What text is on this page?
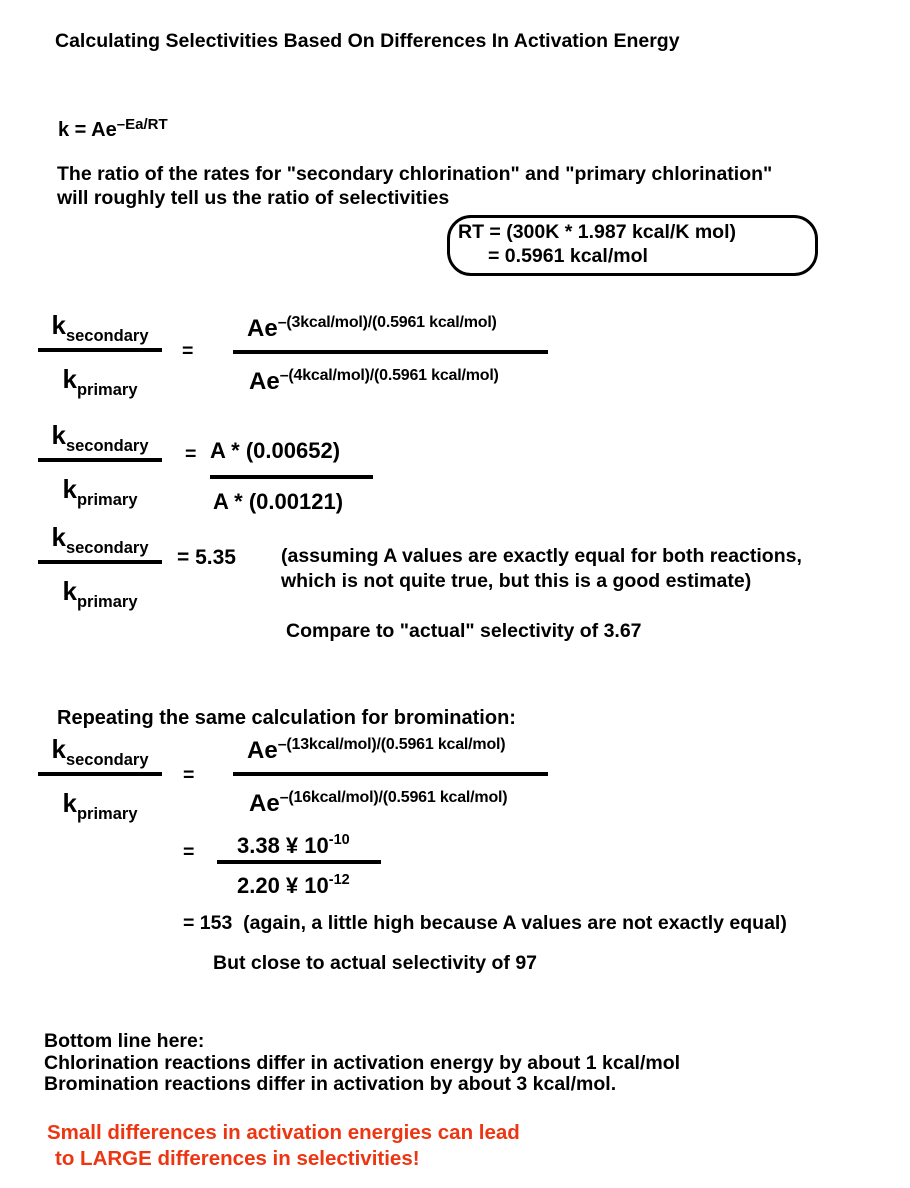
Calculating Selectivities Based On Differences In Activation Energy
$k = Ae^{-Ea/RT}$
The ratio of the rates for "secondary chlorination" and "primary chlorination"
will roughly tell us the ratio of selectivities
RT = (300K * 1.987 kcal/K mol)
= 0.5961 kcal/mol
ksecondary
kprimary
=
Ae–(3kcal/mol)/(0.5961 kcal/mol)
Ae–(4kcal/mol)/(0.5961 kcal/mol)
ksecondary
kprimary
= A * (0.00652)
A * (0.00121)
ksecondary
kprimary
= 5.35 (assuming A values are exactly equal for both reactions,
which is not quite true, but this is a good estimate)
Compare to "actual" selectivity of 3.67
Repeating the same calculation for bromination:
ksecondary
kprimary
=
Ae–(13kcal/mol)/(0.5961 kcal/mol)
Ae–(16kcal/mol)/(0.5961 kcal/mol)
=	3.38 ¥ $10^{-10}$
2.20 ¥ $10^{-12}$
= 153  (again, a little high because A values are not exactly equal)
But close to actual selectivity of 97
Bottom line here:
Chlorination reactions differ in activation energy by about 1 kcal/mol
Bromination reactions differ in activation by about 3 kcal/mol.
Small differences in activation energies can lead
to LARGE differences in selectivities!
